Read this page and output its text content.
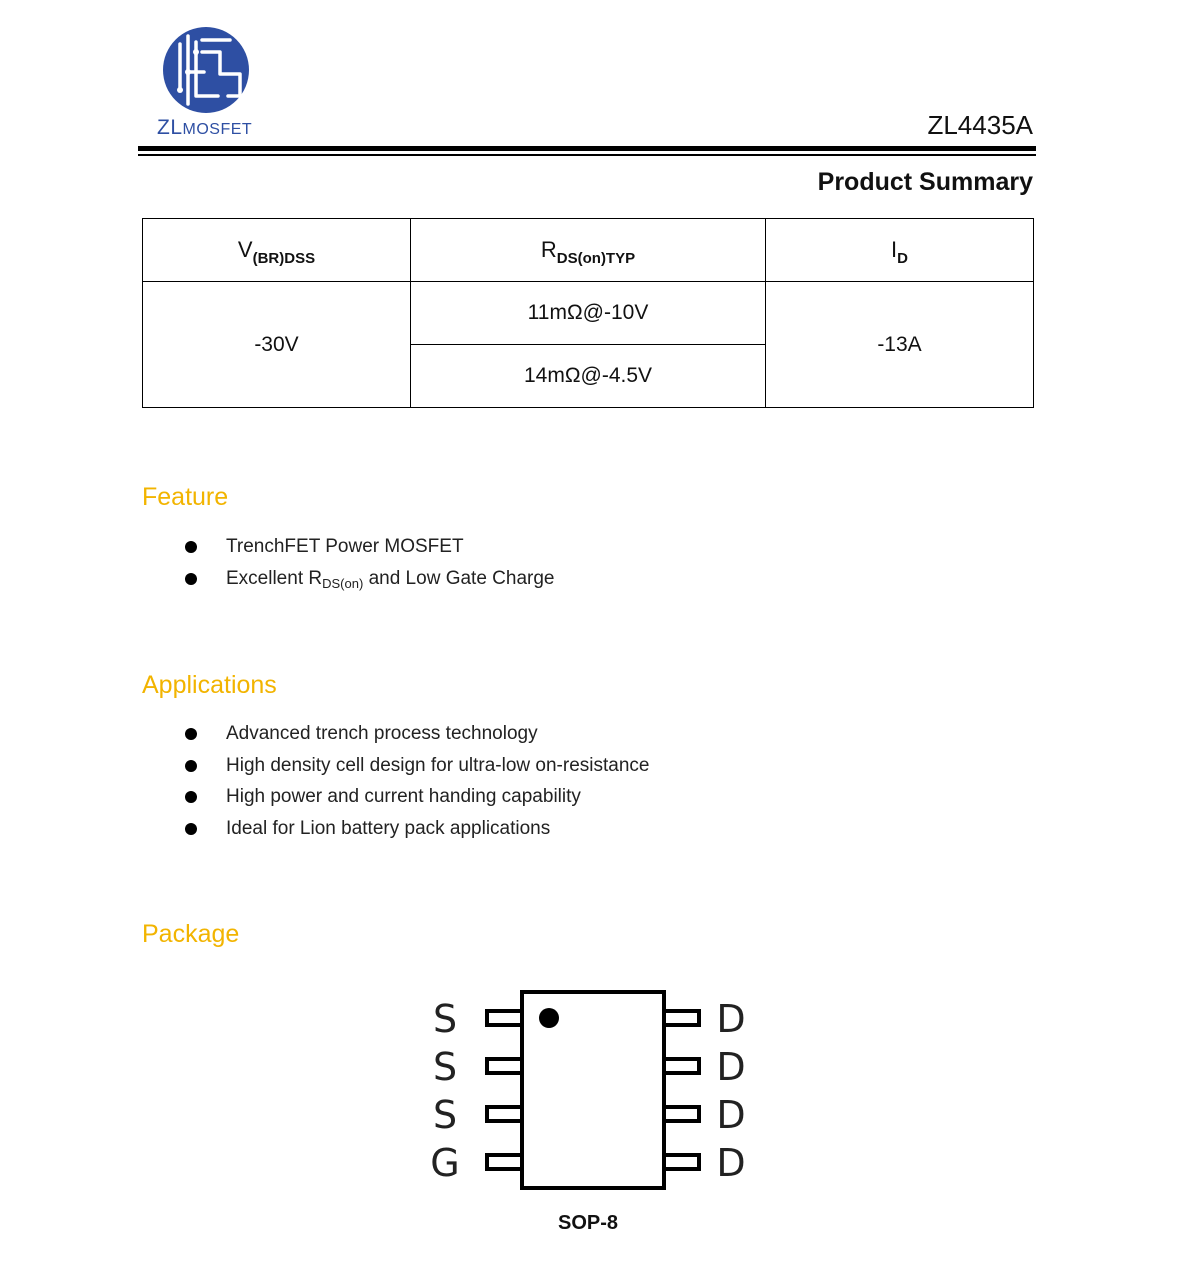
ZLMOSFET	ZL4435A
Product Summary
$V_{(BR)DSS}$	$R_{DS(on)TYP}$	$I_D$
-30V	11mΩ@-10V	-13A
	14mΩ@-4.5V	
Feature
TrenchFET Power MOSFET
Excellent $R_{DS(on)}$ and Low Gate Charge
Applications
Advanced trench process technology
High density cell design for ultra-low on-resistance
High power and current handing capability
Ideal for Lion battery pack applications
Package
S
S
S
G
D
D
D
D
SOP-8
